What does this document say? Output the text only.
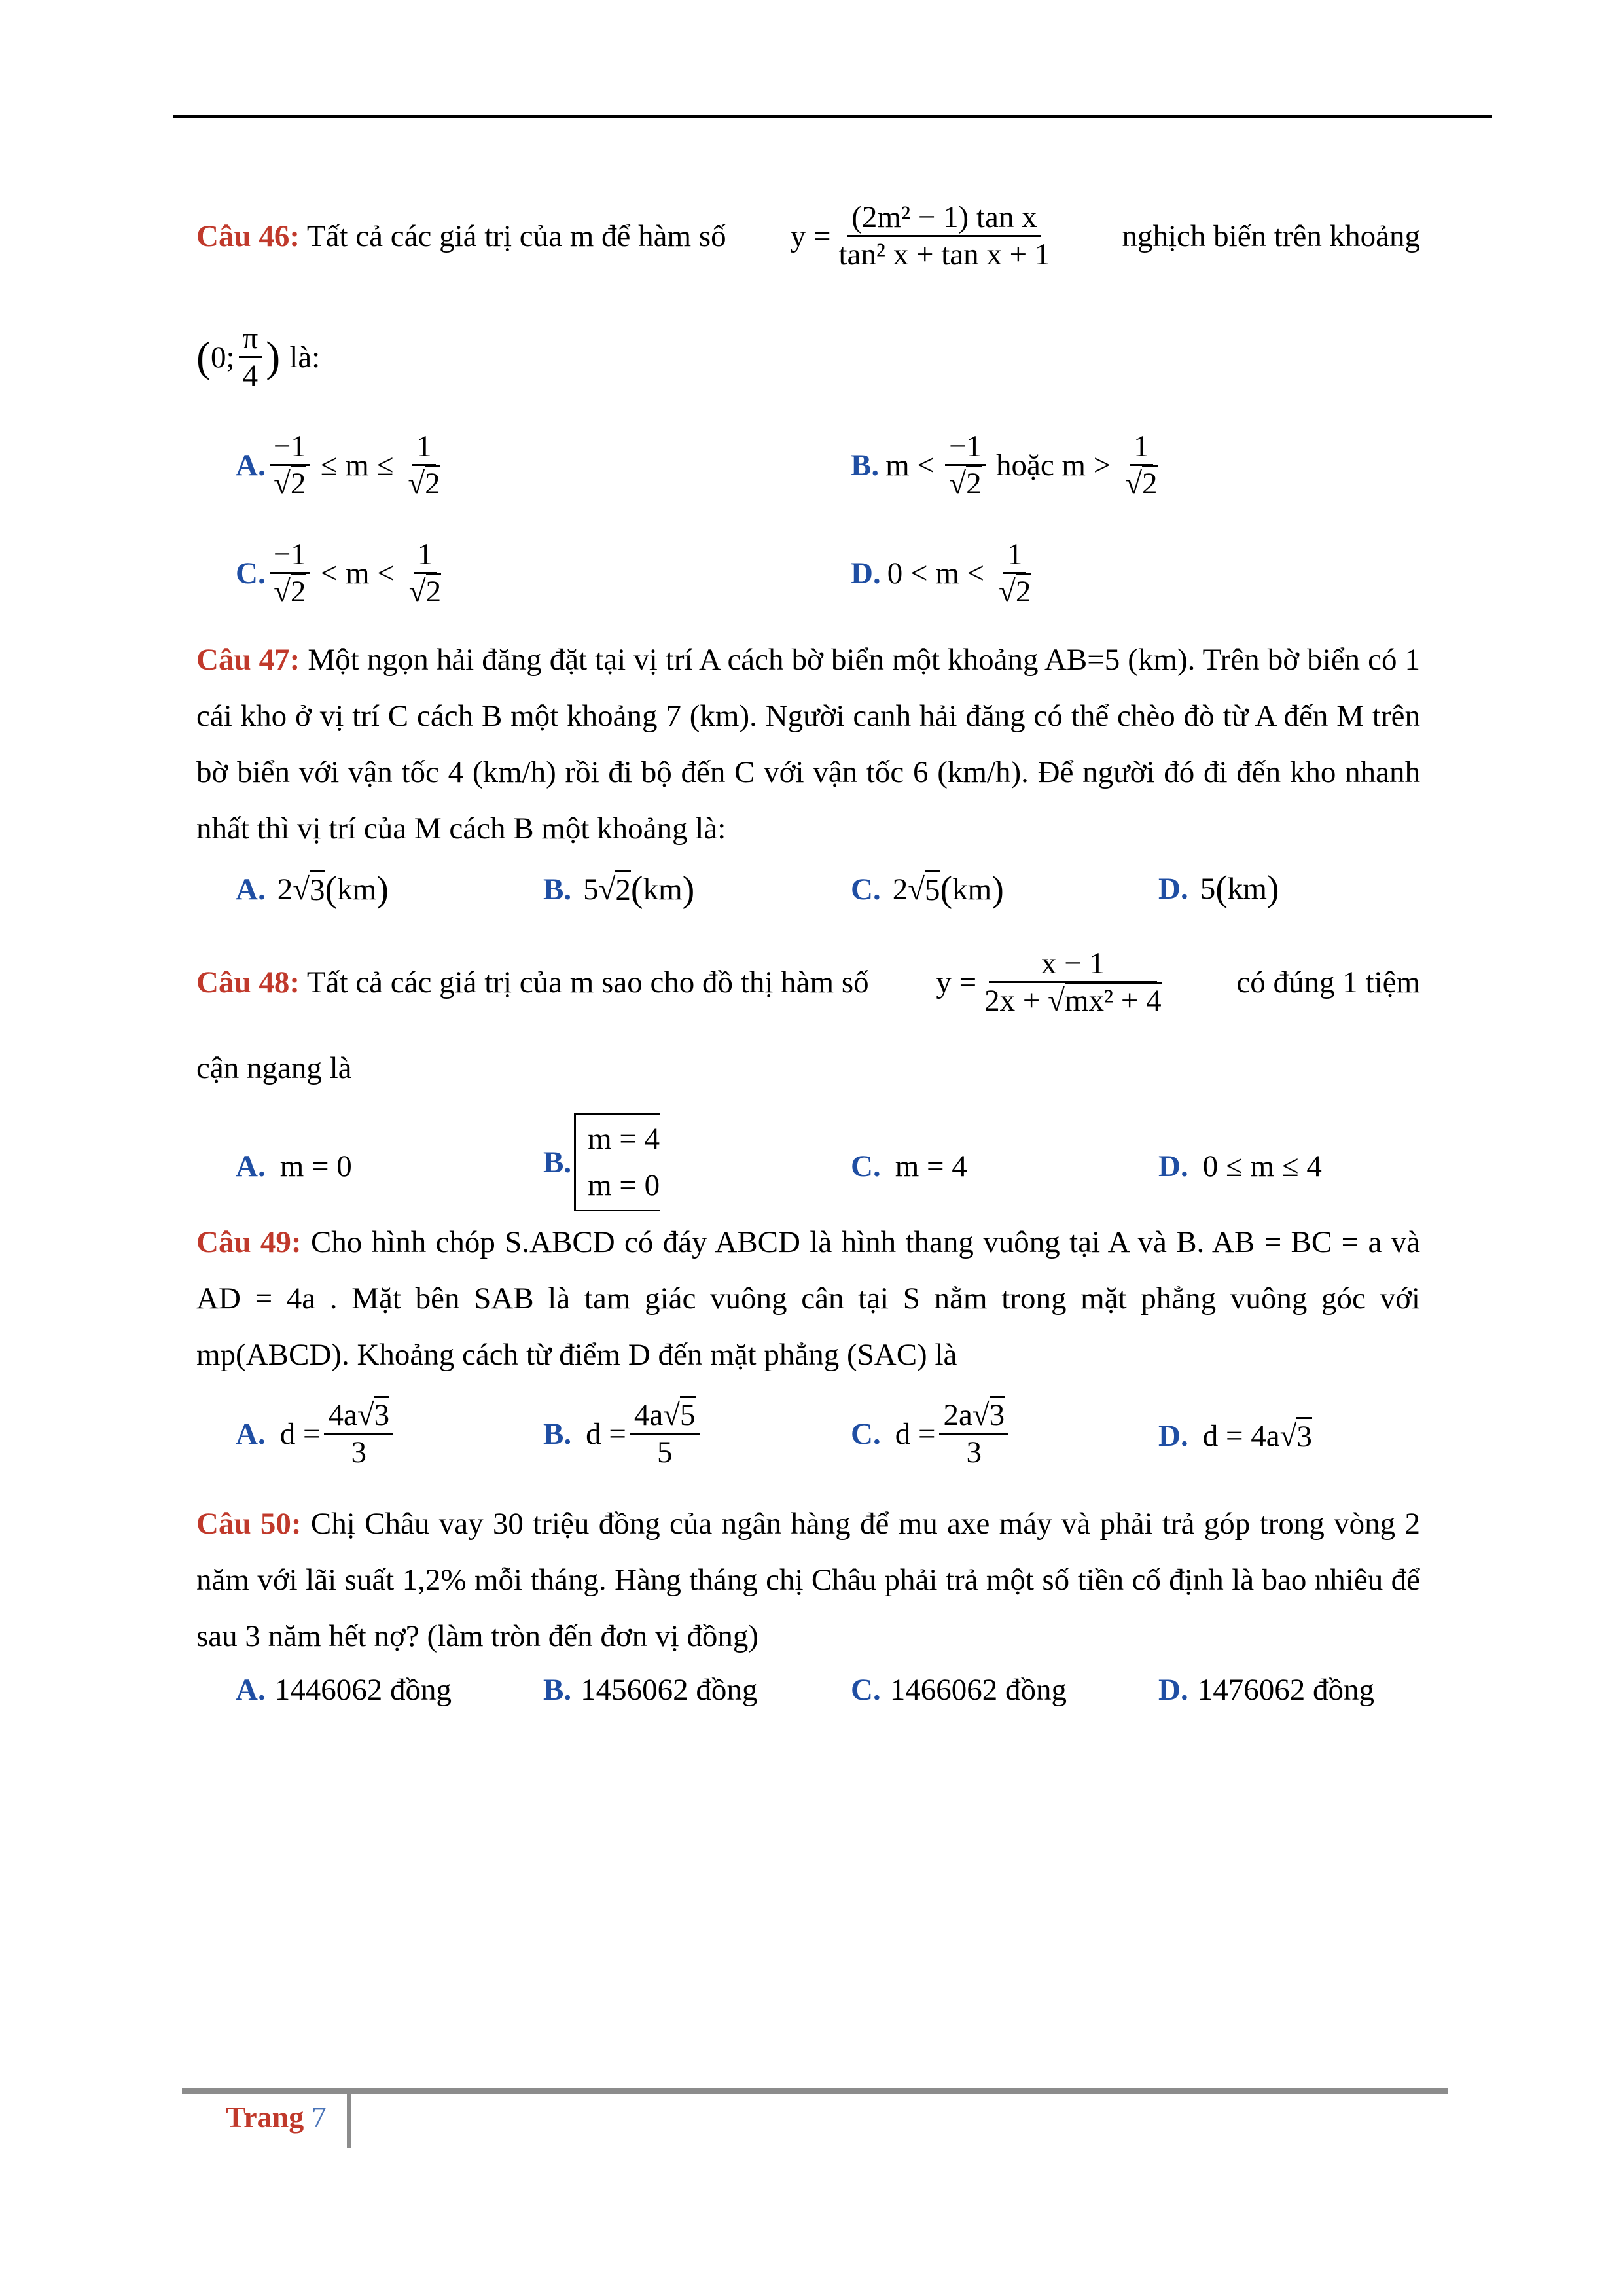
Câu 46: Tất cả các giá trị của m để hàm số $y = \frac{\text{(2m² − 1) tan x}}{\text{tan² x + tan x + 1}}$ nghịch biến trên khoảng
( 0; $\frac{\pi}{4}$ ) là:
A. $\frac{-1}{√2} \le m \le \frac{1}{√2}$	B. $m < \frac{-1}{√2}$ hoặc $m > \frac{1}{√2}$
C. $\frac{-1}{√2} < m < \frac{1}{√2}$	D. $0 < m < \frac{1}{√2}$
Câu 47: Một ngọn hải đăng đặt tại vị trí A cách bờ biển một khoảng AB=5 (km). Trên bờ biển có 1 cái kho ở vị trí C cách B một khoảng 7 (km). Người canh hải đăng có thể chèo đò từ A đến M trên bờ biển với vận tốc 4 (km/h) rồi đi bộ đến C với vận tốc 6 (km/h). Để người đó đi đến kho nhanh nhất thì vị trí của M cách B một khoảng là:
A. 2 √ 3 ( km )	B. 5 √ 2 ( km )	C. 2 √ 5 ( km )	D. 5 ( km )
Câu 48: Tất cả các giá trị của m sao cho đồ thị hàm số $y = \frac{x - 1}{\text{2x + √mx² + 4}}$ có đúng 1 tiệm
cận ngang là
A. m = 0	B.
m = 4
m = 0
C. m = 4	D. 0 ≤ m ≤ 4
Câu 49: Cho hình chóp S.ABCD có đáy ABCD là hình thang vuông tại A và B. AB = BC = a và AD = 4a . Mặt bên SAB là tam giác vuông cân tại S nằm trong mặt phẳng vuông góc với mp(ABCD). Khoảng cách từ điểm D đến mặt phẳng (SAC) là
A. $d = \frac{4a√3}{3}$	B. $d = \frac{4a√5}{5}$	C. $d = \frac{2a√3}{3}$	D. d = 4a √ 3
Câu 50: Chị Châu vay 30 triệu đồng của ngân hàng để mu axe máy và phải trả góp trong vòng 2 năm với lãi suất 1,2% mỗi tháng. Hàng tháng chị Châu phải trả một số tiền cố định là bao nhiêu để sau 3 năm hết nợ? (làm tròn đến đơn vị đồng)
A. 1446062 đồng	B. 1456062 đồng	C. 1466062 đồng	D. 1476062 đồng
Trang 7
